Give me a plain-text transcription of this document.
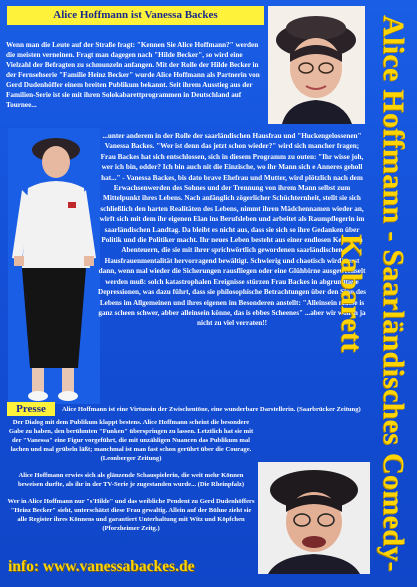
Alice Hoffmann ist Vanessa Backes
Wenn man die Leute auf der Straße fragt: "Kennen Sie Alice Hoffmann?" werden die meisten verneinen. Fragt man dagegen nach "Hilde Becker", so wird eine Vielzahl der Befragten zu schmunzeln anfangen. Mit der Rolle der Hilde Becker in der Fernsehserie "Familie Heinz Becker" wurde Alice Hoffmann als Partnerin von Gerd Dudenhöffer einem breiten Publikum bekannt. Seit ihrem Ausstieg aus der Familien-Serie ist sie mit ihren Solokabarettprogrammen in Deutschland auf Tournee...
...unter anderem in der Rolle der saarländischen Hausfrau und "Huckengelossenen" Vanessa Backes. "Wer ist denn das jetzt schon wieder?" wird sich mancher fragen; Frau Backes hat sich entschlossen, sich in diesem Programm zu outen: "Ihr wisse joh, wer ich bin, odder? Ich bin auch nit die Einzische, wo ihr Mann sich e Anneres geholl hat..." - Vanessa Backes, bis dato brave Ehefrau und Mutter, wird plötzlich nach dem Erwachsenwerden des Sohnes und der Trennung von ihrem Mann selbst zum Mittelpunkt ihres Lebens. Nach anfänglich zögerlicher Schüchternheit, stellt sie sich schließlich den harten Realitäten des Lebens, nimmt ihren Mädchennamen wieder an, wirft sich mit dem ihr eigenen Elan ins Berufsleben und arbeitet als Raumpflegerin im saarländischen Landtag. Da bleibt es nicht aus, dass sie sich so ihre Gedanken über Politik und die Politiker macht. Ihr neues Leben besteht aus einer endlosen Kette von Abenteuern, die sie mit ihrer sprichwörtlich gewordenen saarländischen Hausfrauenmentalität hervorragend bewältigt. Schwierig und chaotisch wird's erst dann, wenn mal wieder die Sicherungen rausfliegen oder eine Glühbirne ausgewechselt werden muß: solch katastrophalen Ereignisse stürzen Frau Backes in abgrundtiefe Depressionen, was dazu führt, dass sie philosophische Betrachtungen über den Sinn des Lebens im Allgemeinen und ihres eigenen im Besonderen anstellt: "Alleinsein müsse is ganz scheen schwer, abber alleinsein könne, das is ebbes Scheenes" ...aber wir wollen ja nicht zu viel verraten!!	Alice Hoffmann - Saarländisches Comedy-Kabarett
Presse	Alice Hoffmann ist eine Virtuosin der Zwischentöne, eine wunderbare Darstellerin. (Saarbrücker Zeitung)

Der Dialog mit dem Publikum klappt bestens. Alice Hoffmann scheint die besondere Gabe zu haben, den berühmten "Funken" überspringen zu lassen. Letztlich hat sie mit der "Vanessa" eine Figur vorgeführt, die mit unzähligen Nuancen das Publikum mal lachen und mal grübeln läßt; manchmal ist man fast schon gerührt über die Courage. (Leonberger Zeitung)

Alice Hoffmann erwies sich als glänzende Schauspielerin, die weit mehr Können beweisen durfte, als ihr in der TV-Serie je zugestanden wurde... (Die Rheinpfalz)

Wer in Alice Hoffmann nur "s'Hilde" und das weibliche Pendent zu Gerd Dudenhöffers "Heinz Becker" sieht, unterschätzt diese Frau gewaltig. Allein auf der Bühne zieht sie alle Register ihres Könnens und garantiert Unterhaltung mit Witz und Köpfchen (Pforzheimer Zeitg.)

info: www.vanessabackes.de
